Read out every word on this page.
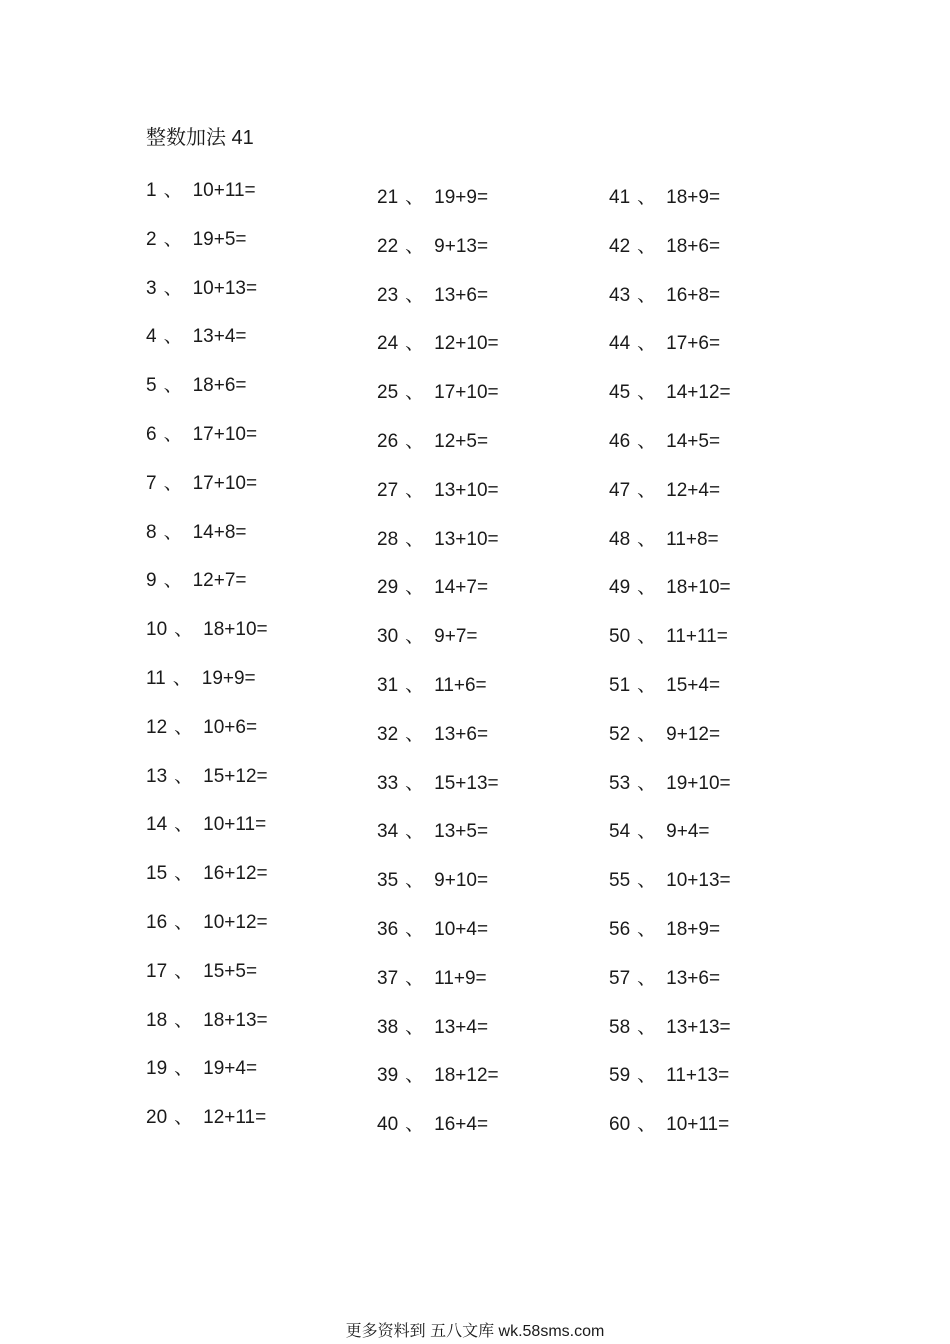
整数加法 41
1 、 10+11=
2 、 19+5=
3 、 10+13=
4 、 13+4=
5 、 18+6=
6 、 17+10=
7 、 17+10=
8 、 14+8=
9 、 12+7=
10 、 18+10=
11 、 19+9=
12 、 10+6=
13 、 15+12=
14 、 10+11=
15 、 16+12=
16 、 10+12=
17 、 15+5=
18 、 18+13=
19 、 19+4=
20 、 12+11=
21 、 19+9=
22 、 9+13=
23 、 13+6=
24 、 12+10=
25 、 17+10=
26 、 12+5=
27 、 13+10=
28 、 13+10=
29 、 14+7=
30 、 9+7=
31 、 11+6=
32 、 13+6=
33 、 15+13=
34 、 13+5=
35 、 9+10=
36 、 10+4=
37 、 11+9=
38 、 13+4=
39 、 18+12=
40 、 16+4=
41 、 18+9=
42 、 18+6=
43 、 16+8=
44 、 17+6=
45 、 14+12=
46 、 14+5=
47 、 12+4=
48 、 11+8=
49 、 18+10=
50 、 11+11=
51 、 15+4=
52 、 9+12=
53 、 19+10=
54 、 9+4=
55 、 10+13=
56 、 18+9=
57 、 13+6=
58 、 13+13=
59 、 11+13=
60 、 10+11=
更多资料到 五八文库 wk.58sms.com
